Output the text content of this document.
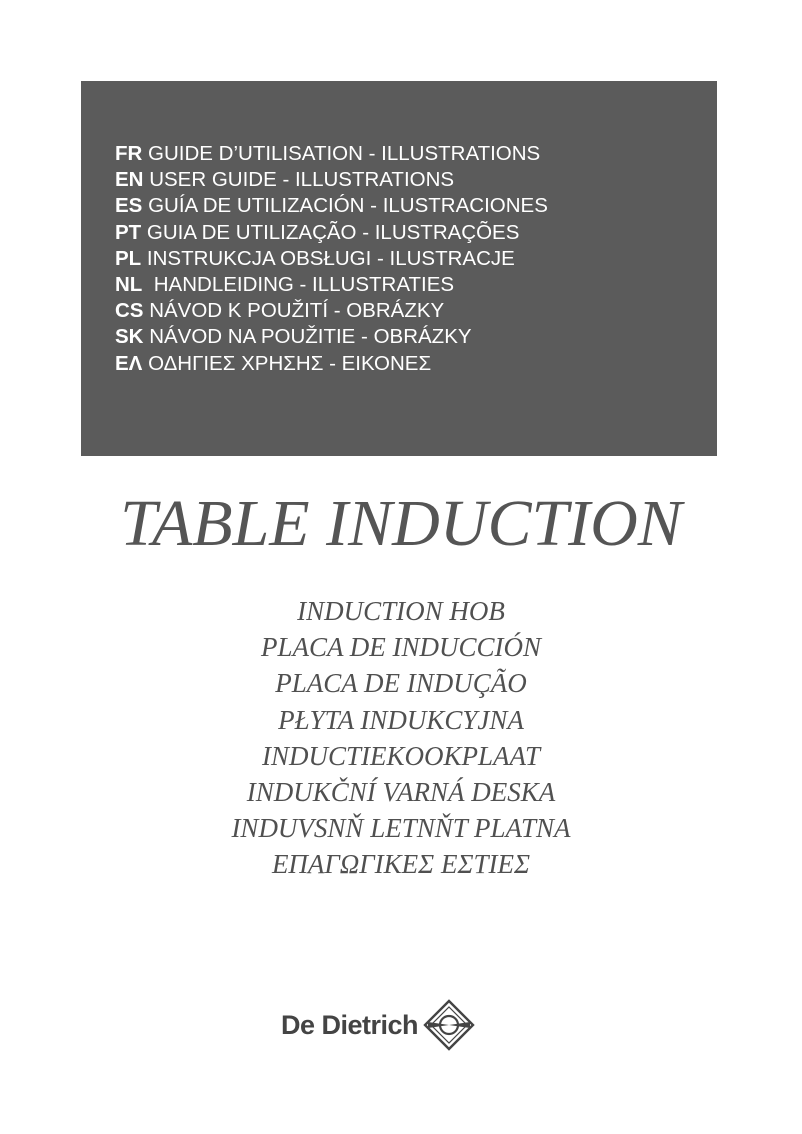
FR GUIDE D’UTILISATION - ILLUSTRATIONS
EN USER GUIDE - ILLUSTRATIONS
ES GUÍA DE UTILIZACIÓN - ILUSTRACIONES
PT GUIA DE UTILIZAÇÃO - ILUSTRAÇÕES
PL INSTRUKCJA OBSŁUGI - ILUSTRACJE
NL HANDLEIDING - ILLUSTRATIES
CS NÁVOD K POUŽITÍ - OBRÁZKY
SK NÁVOD NA POUŽITIE - OBRÁZKY
ΕΛ ΟΔΗΓΙΕΣ ΧΡΗΣΗΣ - ΕΙΚΟΝΕΣ
TABLE INDUCTION
INDUCTION HOB
PLACA DE INDUCCIÓN
PLACA DE INDUÇÃO
PŁYTA INDUKCYJNA
INDUCTIEKOOKPLAAT
INDUKČNÍ VARNÁ DESKA
INDUVSNŇ LETNŇT PLATNA
ΕΠΑΓΩΓΙΚΕΣ ΕΣΤΙΕΣ
De Dietrich
